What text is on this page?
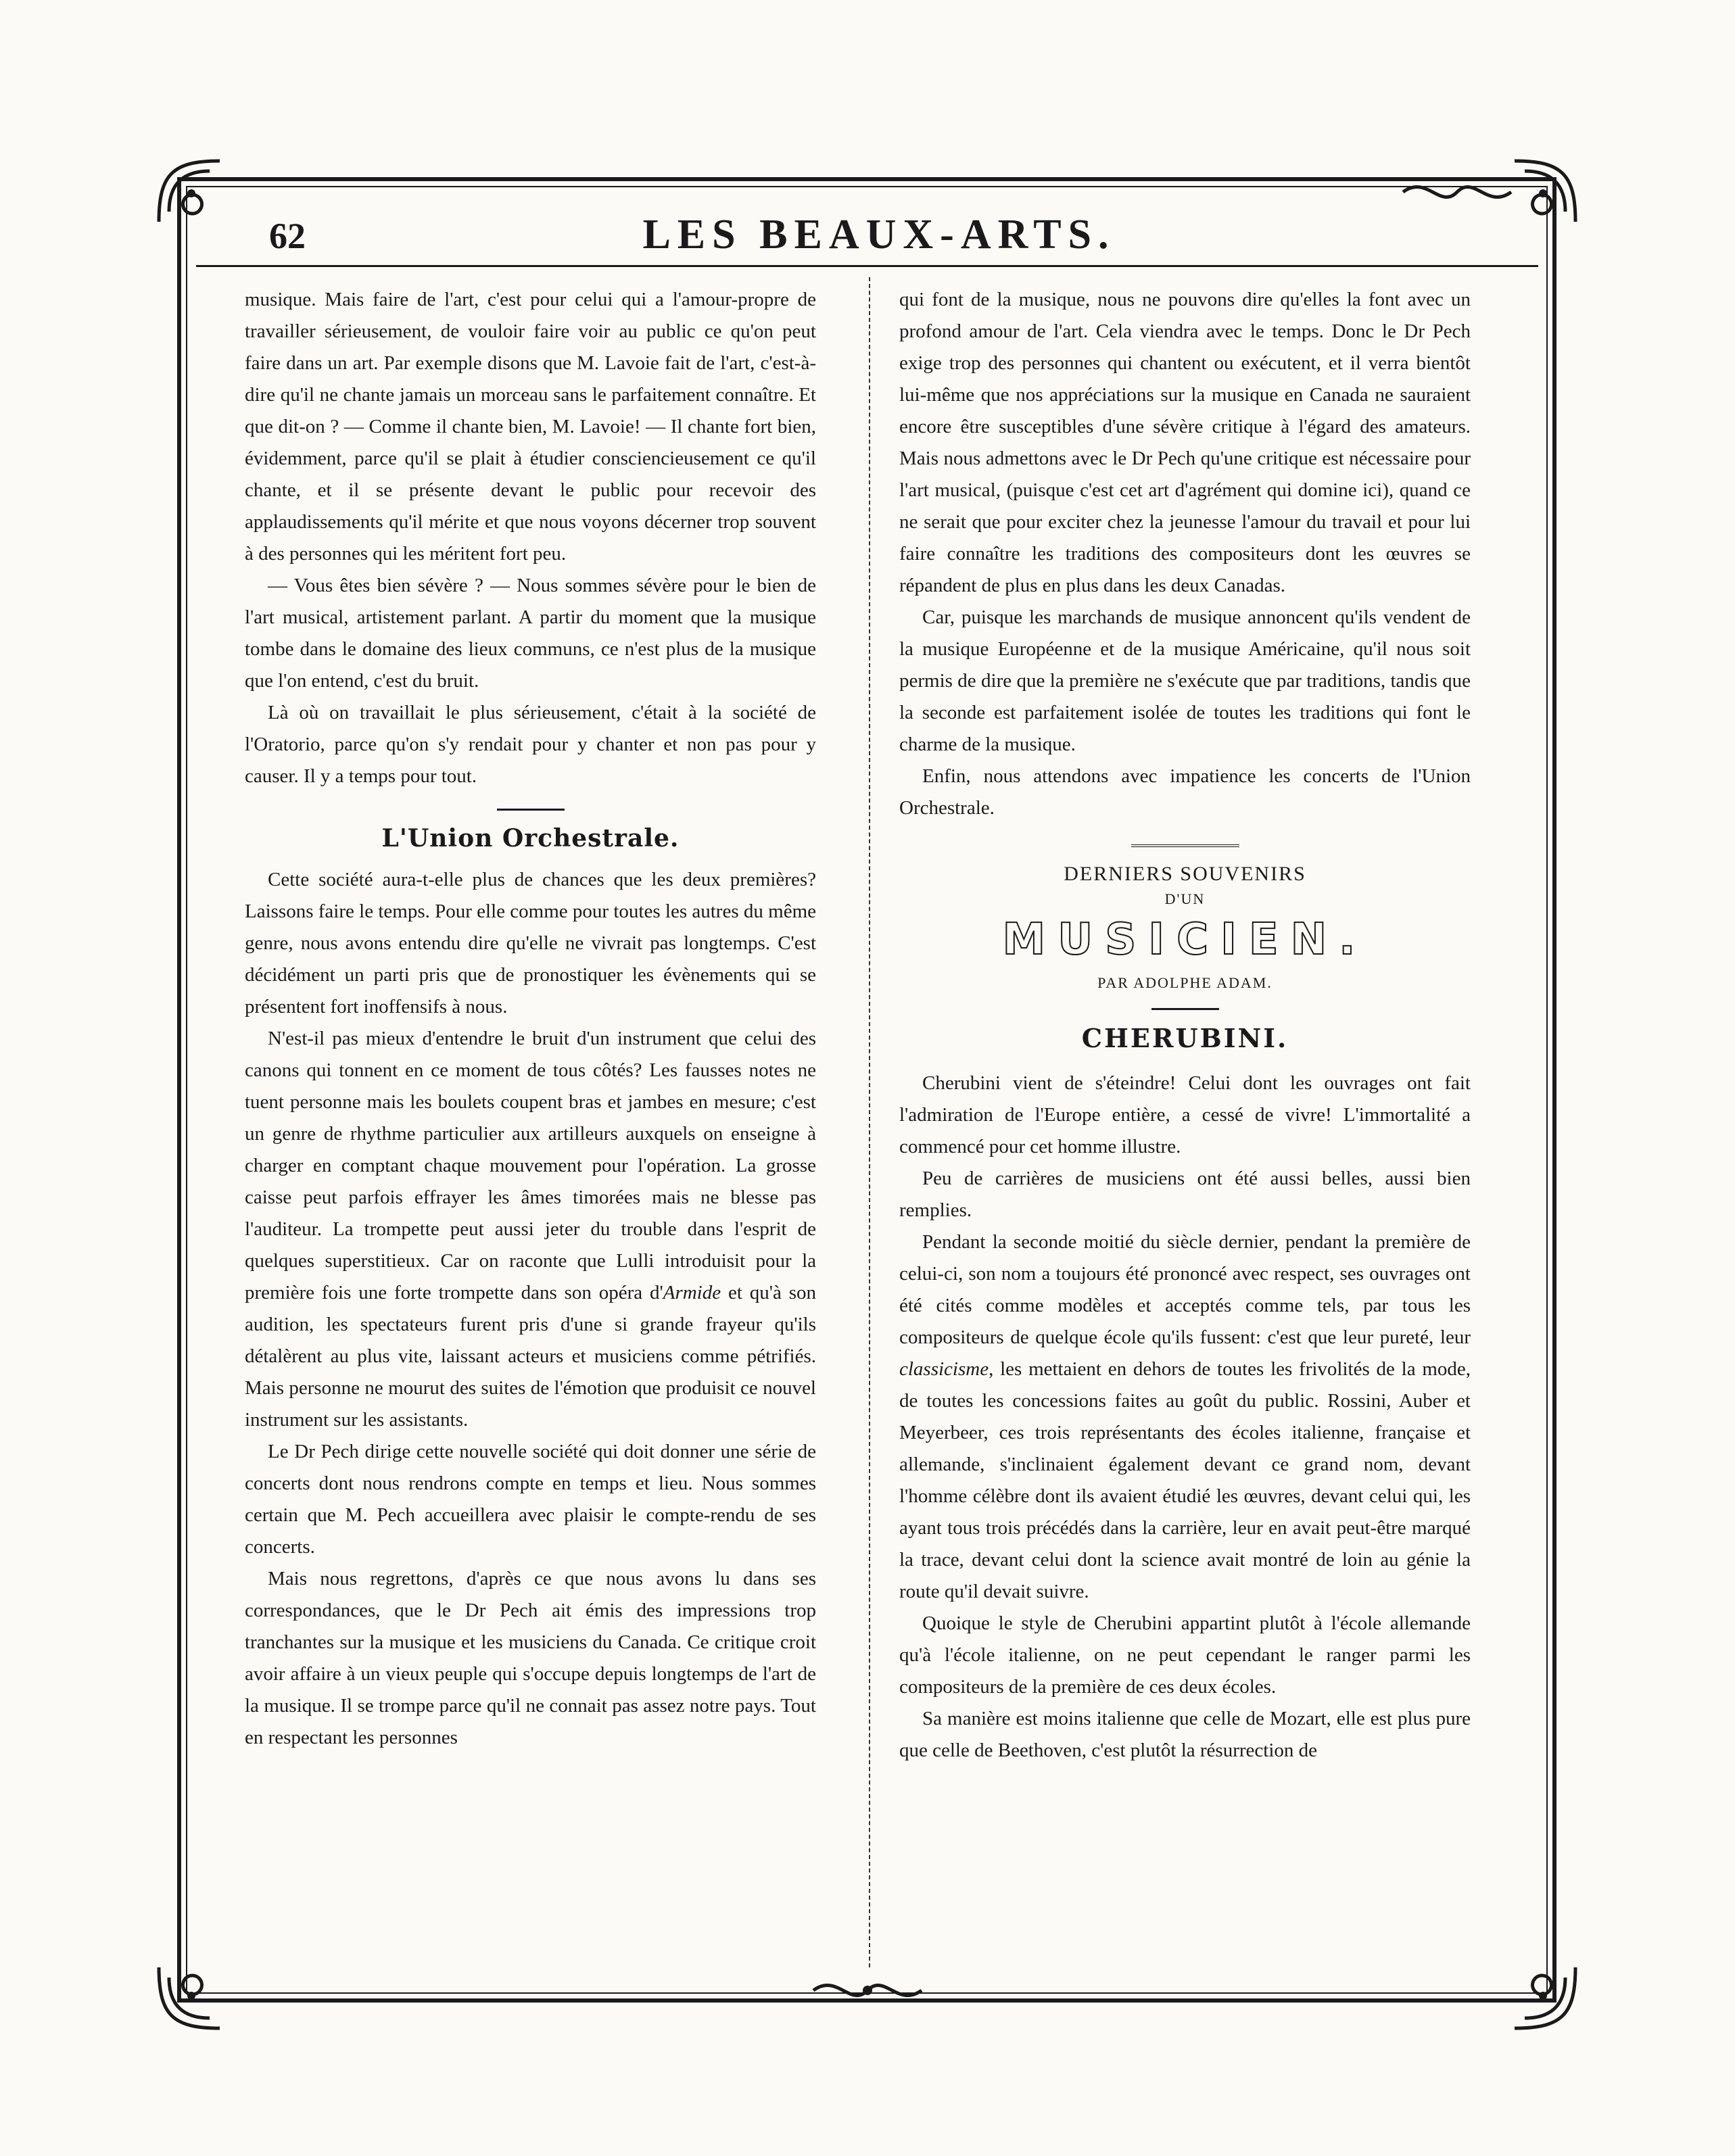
62	LES BEAUX-ARTS.

musique. Mais faire de l'art, c'est pour celui qui a l'amour-propre de travailler sérieusement, de vouloir faire voir au public ce qu'on peut faire dans un art. Par exemple disons que M. Lavoie fait de l'art, c'est-à-dire qu'il ne chante jamais un morceau sans le parfaitement connaître. Et que dit-on ? — Comme il chante bien, M. Lavoie! — Il chante fort bien, évidemment, parce qu'il se plait à étudier consciencieusement ce qu'il chante, et il se présente devant le public pour recevoir des applaudissements qu'il mérite et que nous voyons décerner trop souvent à des personnes qui les méritent fort peu.

— Vous êtes bien sévère ? — Nous sommes sévère pour le bien de l'art musical, artistement parlant. A partir du moment que la musique tombe dans le domaine des lieux communs, ce n'est plus de la musique que l'on entend, c'est du bruit.

Là où on travaillait le plus sérieusement, c'était à la société de l'Oratorio, parce qu'on s'y rendait pour y chanter et non pas pour y causer. Il y a temps pour tout.

L'Union Orchestrale.

Cette société aura-t-elle plus de chances que les deux premières? Laissons faire le temps. Pour elle comme pour toutes les autres du même genre, nous avons entendu dire qu'elle ne vivrait pas longtemps. C'est décidément un parti pris que de pronostiquer les évènements qui se présentent fort inoffensifs à nous.

N'est-il pas mieux d'entendre le bruit d'un instrument que celui des canons qui tonnent en ce moment de tous côtés? Les fausses notes ne tuent personne mais les boulets coupent bras et jambes en mesure; c'est un genre de rhythme particulier aux artilleurs auxquels on enseigne à charger en comptant chaque mouvement pour l'opération. La grosse caisse peut parfois effrayer les âmes timorées mais ne blesse pas l'auditeur. La trompette peut aussi jeter du trouble dans l'esprit de quelques superstitieux. Car on raconte que Lulli introduisit pour la première fois une forte trompette dans son opéra d'Armide et qu'à son audition, les spectateurs furent pris d'une si grande frayeur qu'ils détalèrent au plus vite, laissant acteurs et musiciens comme pétrifiés. Mais personne ne mourut des suites de l'émotion que produisit ce nouvel instrument sur les assistants.

Le Dr Pech dirige cette nouvelle société qui doit donner une série de concerts dont nous rendrons compte en temps et lieu. Nous sommes certain que M. Pech accueillera avec plaisir le compte-rendu de ses concerts.

Mais nous regrettons, d'après ce que nous avons lu dans ses correspondances, que le Dr Pech ait émis des impressions trop tranchantes sur la musique et les musiciens du Canada. Ce critique croit avoir affaire à un vieux peuple qui s'occupe depuis longtemps de l'art de la musique. Il se trompe parce qu'il ne connait pas assez notre pays. Tout en respectant les personnes

qui font de la musique, nous ne pouvons dire qu'elles la font avec un profond amour de l'art. Cela viendra avec le temps. Donc le Dr Pech exige trop des personnes qui chantent ou exécutent, et il verra bientôt lui-même que nos appréciations sur la musique en Canada ne sauraient encore être susceptibles d'une sévère critique à l'égard des amateurs. Mais nous admettons avec le Dr Pech qu'une critique est nécessaire pour l'art musical, (puisque c'est cet art d'agrément qui domine ici), quand ce ne serait que pour exciter chez la jeunesse l'amour du travail et pour lui faire connaître les traditions des compositeurs dont les œuvres se répandent de plus en plus dans les deux Canadas.

Car, puisque les marchands de musique annoncent qu'ils vendent de la musique Européenne et de la musique Américaine, qu'il nous soit permis de dire que la première ne s'exécute que par traditions, tandis que la seconde est parfaitement isolée de toutes les traditions qui font le charme de la musique.

Enfin, nous attendons avec impatience les concerts de l'Union Orchestrale.

DERNIERS SOUVENIRS
D'UN
MUSICIEN.
PAR ADOLPHE ADAM.
CHERUBINI.

Cherubini vient de s'éteindre! Celui dont les ouvrages ont fait l'admiration de l'Europe entière, a cessé de vivre! L'immortalité a commencé pour cet homme illustre.

Peu de carrières de musiciens ont été aussi belles, aussi bien remplies.

Pendant la seconde moitié du siècle dernier, pendant la première de celui-ci, son nom a toujours été prononcé avec respect, ses ouvrages ont été cités comme modèles et acceptés comme tels, par tous les compositeurs de quelque école qu'ils fussent: c'est que leur pureté, leur classicisme, les mettaient en dehors de toutes les frivolités de la mode, de toutes les concessions faites au goût du public. Rossini, Auber et Meyerbeer, ces trois représentants des écoles italienne, française et allemande, s'inclinaient également devant ce grand nom, devant l'homme célèbre dont ils avaient étudié les œuvres, devant celui qui, les ayant tous trois précédés dans la carrière, leur en avait peut-être marqué la trace, devant celui dont la science avait montré de loin au génie la route qu'il devait suivre.

Quoique le style de Cherubini appartint plutôt à l'école allemande qu'à l'école italienne, on ne peut cependant le ranger parmi les compositeurs de la première de ces deux écoles.

Sa manière est moins italienne que celle de Mozart, elle est plus pure que celle de Beethoven, c'est plutôt la résurrection de
